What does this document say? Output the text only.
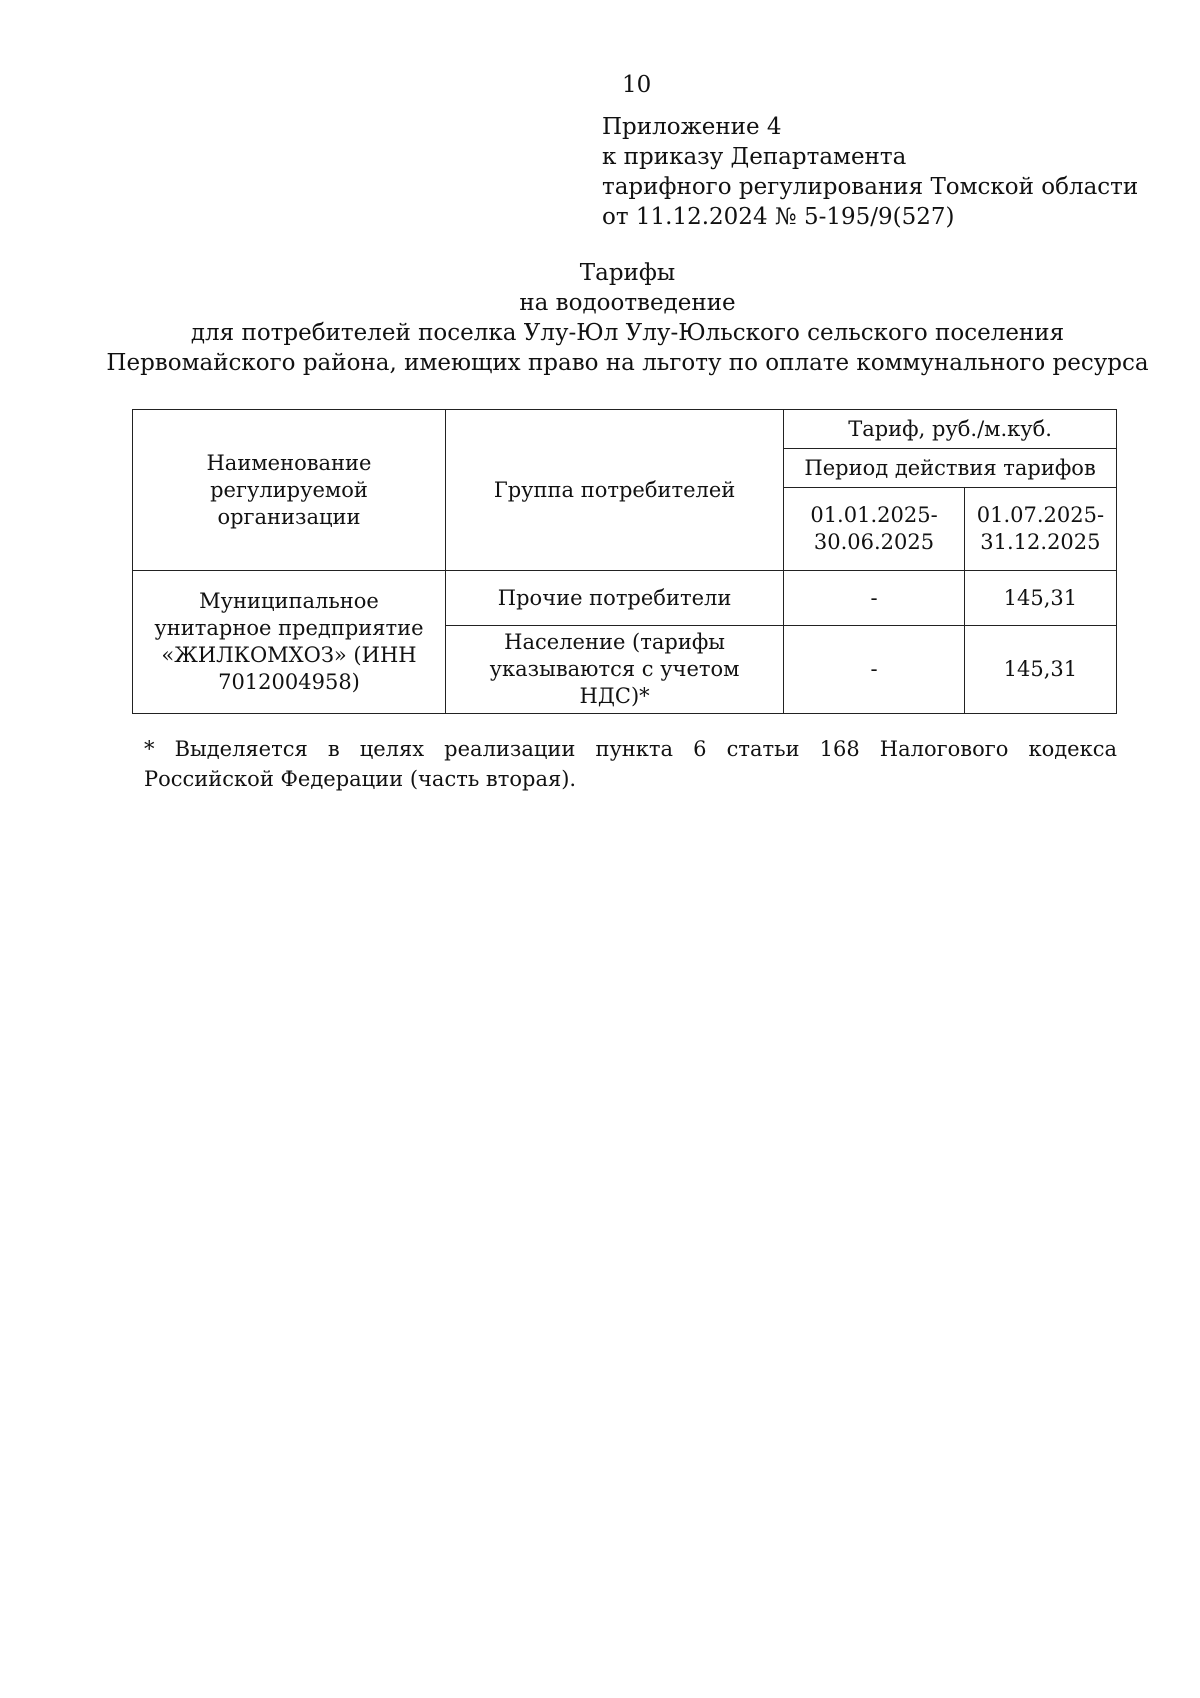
10
Приложение 4
к приказу Департамента
тарифного регулирования Томской области
от 11.12.2024 № 5-195/9(527)
Тарифы
на водоотведение
для потребителей поселка Улу-Юл Улу-Юльского сельского поселения
Первомайского района, имеющих право на льготу по оплате коммунального ресурса
Наименование регулируемой организации	Группа потребителей	Тариф, руб./м.куб.	
		Период действия тарифов	
		01.01.2025-30.06.2025	01.07.2025-31.12.2025
Муниципальное унитарное предприятие «ЖИЛКОМХОЗ» (ИНН 7012004958)	Прочие потребители	-	145,31
	Население (тарифы указываются с учетом НДС)*	-	145,31
* Выделяется в целях реализации пункта 6 статьи 168 Налогового кодекса Российской Федерации (часть вторая).
